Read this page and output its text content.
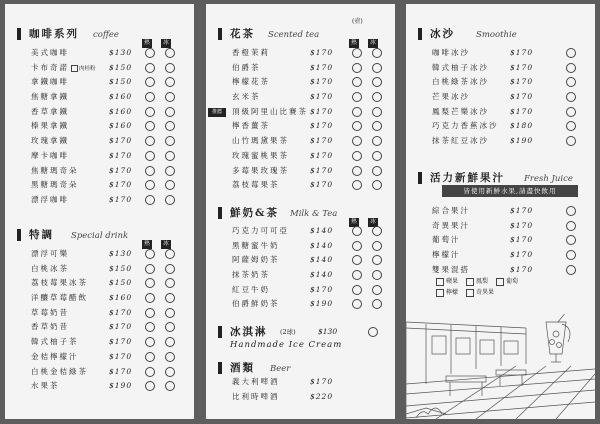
咖啡系列 coffee
熱 冰
美式咖啡	$130
卡布奇諾 肉桂粉 $150
拿鐵咖啡	$150
焦糖拿鐵	$160
香草拿鐵	$160
榛果拿鐵	$160
玫瑰拿鐵	$170
摩卡咖啡	$170
焦糖瑪奇朵	$170
黑糖瑪奇朵	$170
漂浮咖啡	$170
特調 Special drink
熱 冰
漂浮可樂	$130
白桃冰茶	$150
荔枝莓果冰茶	$150
洋釀草莓醋飲	$160
草莓奶昔	$170
香草奶昔	$170
韓式柚子茶	$170
金桔檸檬汁	$170
白桃金桔綠茶	$170
水果茶	$190
(壺)
花茶 Scented tea
熱 冰
香橙茉莉	$170
伯爵茶	$170
檸檬花茶	$170
玄米茶	$170
推薦	頂級阿里山比賽茶 $170
檸香薑茶	$170
山竹瑪黛果茶	$170
玫瑰蜜桃果茶	$170
多莓果玫瑰茶	$170
荔枝莓果茶	$170
鮮奶&茶 Milk & Tea
熱 冰
巧克力可可亞	$140
黑糖蜜牛奶	$140
阿薩姆奶茶	$140
抹茶奶茶	$140
紅豆牛奶	$170
伯爵鮮奶茶	$190
冰淇淋 (2球)	$130
Handmade Ice Cream
酒類 Beer
義大利啤酒	$170
比利時啤酒	$220
冰沙 Smoothie
咖啡冰沙	$170
韓式柚子冰沙	$170
白桃綠茶冰沙	$170
芒果冰沙	$170
鳳梨芒樂冰沙	$170
巧克力香蕉冰沙 $180
抹茶紅豆冰沙	$190
活力新鮮果汁 Fresh Juice
皆使用新鮮水果,請盡快飲用
綜合果汁	$170
奇異果汁	$170
葡萄汁	$170
檸檬汁	$170
雙果混搭	$170
蘋果	鳳梨	葡萄檸檬	奇異果
